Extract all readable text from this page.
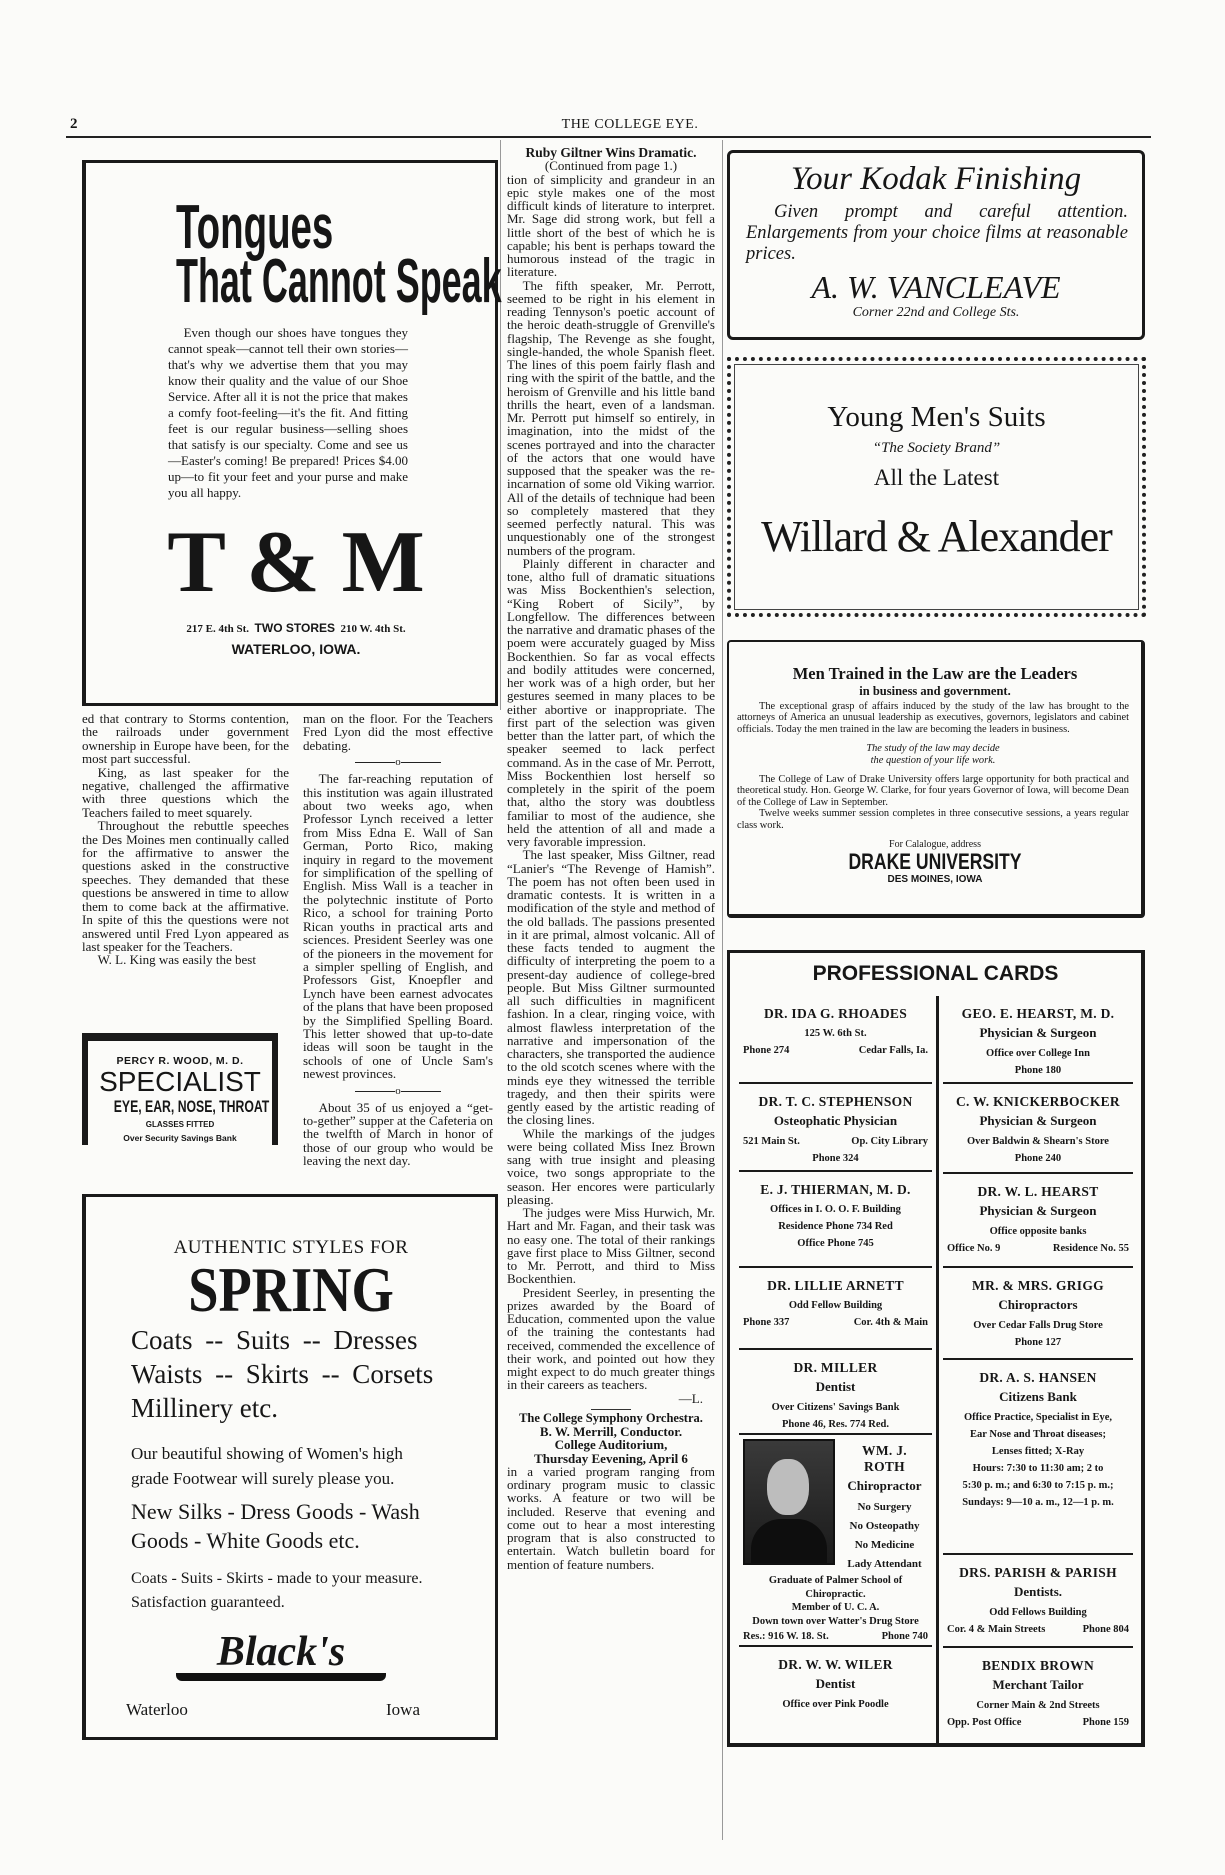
2	THE COLLEGE EYE.
Tongues
That Cannot Speak

Even though our shoes have tongues they cannot speak—cannot tell their own stories—that's why we advertise them that you may know their quality and the value of our Shoe Service. After all it is not the price that makes a comfy foot-feeling—it's the fit. And fitting feet is our regular business—selling shoes that satisfy is our specialty. Come and see us—Easter's coming! Be prepared! Prices $4.00 up—to fit your feet and your purse and make you all happy.

T & M
217 E. 4th St. TWO STORES 210 W. 4th St.
WATERLOO, IOWA.

ed that contrary to Storms contention, the railroads under government ownership in Europe have been, for the most part successful.

King, as last speaker for the negative, challenged the affirmative with three questions which the Teachers failed to meet squarely.

Throughout the rebuttle speeches the Des Moines men continually called for the affirmative to answer the questions asked in the constructive speeches. They demanded that these questions be answered in time to allow them to come back at the affirmative. In spite of this the questions were not answered until Fred Lyon appeared as last speaker for the Teachers.

W. L. King was easily the best

PERCY R. WOOD, M. D.
SPECIALIST
EYE, EAR, NOSE, THROAT
GLASSES FITTED
Over Security Savings Bank

man on the floor. For the Teachers Fred Lyon did the most effective debating.

o

The far-reaching reputation of this institution was again illustrated about two weeks ago, when Professor Lynch received a letter from Miss Edna E. Wall of San German, Porto Rico, making inquiry in regard to the movement for simplification of the spelling of English. Miss Wall is a teacher in the polytechnic institute of Porto Rico, a school for training Porto Rican youths in practical arts and sciences. President Seerley was one of the pioneers in the movement for a simpler spelling of English, and Professors Gist, Knoepfler and Lynch have been earnest advocates of the plans that have been proposed by the Simplified Spelling Board. This letter showed that up-to-date ideas will soon be taught in the schools of one of Uncle Sam's newest provinces.

o

About 35 of us enjoyed a “get-to-gether” supper at the Cafeteria on the twelfth of March in honor of those of our group who would be leaving the next day.

AUTHENTIC STYLES FOR
SPRING
Coats -- Suits -- Dresses
Waists -- Skirts -- Corsets
Millinery etc.
Our beautiful showing of Women's high grade Footwear will surely please you.
New Silks - Dress Goods - Wash Goods - White Goods etc.
Coats - Suits - Skirts - made to your measure. Satisfaction guaranteed.
Black's
Waterloo	Iowa
Ruby Giltner Wins Dramatic.
(Continued from page 1.)

tion of simplicity and grandeur in an epic style makes one of the most difficult kinds of literature to interpret. Mr. Sage did strong work, but fell a little short of the best of which he is capable; his bent is perhaps toward the humorous instead of the tragic in literature.

The fifth speaker, Mr. Perrott, seemed to be right in his element in reading Tennyson's poetic account of the heroic death-struggle of Grenville's flagship, The Revenge as she fought, single-handed, the whole Spanish fleet. The lines of this poem fairly flash and ring with the spirit of the battle, and the heroism of Grenville and his little band thrills the heart, even of a landsman. Mr. Perrott put himself so entirely, in imagination, into the midst of the scenes portrayed and into the character of the actors that one would have supposed that the speaker was the re-incarnation of some old Viking warrior. All of the details of technique had been so completely mastered that they seemed perfectly natural. This was unquestionably one of the strongest numbers of the program.

Plainly different in character and tone, altho full of dramatic situations was Miss Bockenthien's selection, “King Robert of Sicily”, by Longfellow. The differences between the narrative and dramatic phases of the poem were accurately guaged by Miss Bockenthien. So far as vocal effects and bodily attitudes were concerned, her work was of a high order, but her gestures seemed in many places to be either abortive or inappropriate. The first part of the selection was given better than the latter part, of which the speaker seemed to lack perfect command. As in the case of Mr. Perrott, Miss Bockenthien lost herself so completely in the spirit of the poem that, altho the story was doubtless familiar to most of the audience, she held the attention of all and made a very favorable impression.

The last speaker, Miss Giltner, read “Lanier's “The Revenge of Hamish”. The poem has not often been used in dramatic contests. It is written in a modification of the style and method of the old ballads. The passions presented in it are primal, almost volcanic. All of these facts tended to augment the difficulty of interpreting the poem to a present-day audience of college-bred people. But Miss Giltner surmounted all such difficulties in magnificent fashion. In a clear, ringing voice, with almost flawless interpretation of the narrative and impersonation of the characters, she transported the audience to the old scotch scenes where with the minds eye they witnessed the terrible tragedy, and then their spirits were gently eased by the artistic reading of the closing lines.

While the markings of the judges were being collated Miss Inez Brown sang with true insight and pleasing voice, two songs appropriate to the season. Her encores were particularly pleasing.

The judges were Miss Hurwich, Mr. Hart and Mr. Fagan, and their task was no easy one. The total of their rankings gave first place to Miss Giltner, second to Mr. Perrott, and third to Miss Bockenthien.

President Seerley, in presenting the prizes awarded by the Board of Education, commented upon the value of the training the contestants had received, commended the excellence of their work, and pointed out how they might expect to do much greater things in their careers as teachers.

—L.
The College Symphony Orchestra.
B. W. Merrill, Conductor.
College Auditorium,
Thursday Eevening, April 6

in a varied program ranging from ordinary program music to classic works. A feature or two will be included. Reserve that evening and come out to hear a most interesting program that is also constructed to entertain. Watch bulletin board for mention of feature numbers.

Your Kodak Finishing
Given prompt and careful attention. Enlargements from your choice films at reasonable prices.
A. W. VANCLEAVE
Corner 22nd and College Sts.
Young Men's Suits
“The Society Brand”
All the Latest
Willard & Alexander
Men Trained in the Law are the Leaders
in business and government.

The exceptional grasp of affairs induced by the study of the law has brought to the attorneys of America an unusual leadership as executives, governors, legislators and cabinet officials. Today the men trained in the law are becoming the leaders in business.

The study of the law may decide
the question of your life work.

The College of Law of Drake University offers large opportunity for both practical and theoretical study. Hon. George W. Clarke, for four years Governor of Iowa, will become Dean of the College of Law in September.

Twelve weeks summer session completes in three consecutive sessions, a years regular class work.

For Calalogue, address
DRAKE UNIVERSITY
DES MOINES, IOWA
PROFESSIONAL CARDS
DR. IDA G. RHOADES
125 W. 6th St.
Phone 274	Cedar Falls, Ia.
DR. T. C. STEPHENSON
Osteophatic Physician
521 Main St.	Op. City Library
Phone 324
E. J. THIERMAN, M. D.
Offices in I. O. O. F. Building
Residence Phone 734 Red
Office Phone 745
DR. LILLIE ARNETT
Odd Fellow Building
Phone 337	Cor. 4th & Main
DR. MILLER
Dentist
Over Citizens' Savings Bank
Phone 46, Res. 774 Red.
WM. J. ROTH
Chiropractor
No Surgery
No Osteopathy
No Medicine
Lady Attendant
Graduate of Palmer School of Chiropractic.
Member of U. C. A.
Down town over Watter's Drug Store
Res.: 916 W. 18. St.	Phone 740
DR. W. W. WILER
Dentist
Office over Pink Poodle
GEO. E. HEARST, M. D.
Physician & Surgeon
Office over College Inn
Phone 180
C. W. KNICKERBOCKER
Physician & Surgeon
Over Baldwin & Shearn's Store
Phone 240
DR. W. L. HEARST
Physician & Surgeon
Office opposite banks
Office No. 9	Residence No. 55
MR. & MRS. GRIGG
Chiropractors
Over Cedar Falls Drug Store
Phone 127
DR. A. S. HANSEN
Citizens Bank
Office Practice, Specialist in Eye,
Ear Nose and Throat diseases;
Lenses fitted; X-Ray
Hours: 7:30 to 11:30 am; 2 to
5:30 p. m.; and 6:30 to 7:15 p. m.;
Sundays: 9—10 a. m., 12—1 p. m.
DRS. PARISH & PARISH
Dentists.
Odd Fellows Building
Cor. 4 & Main Streets	Phone 804
BENDIX BROWN
Merchant Tailor
Corner Main & 2nd Streets
Opp. Post Office	Phone 159
